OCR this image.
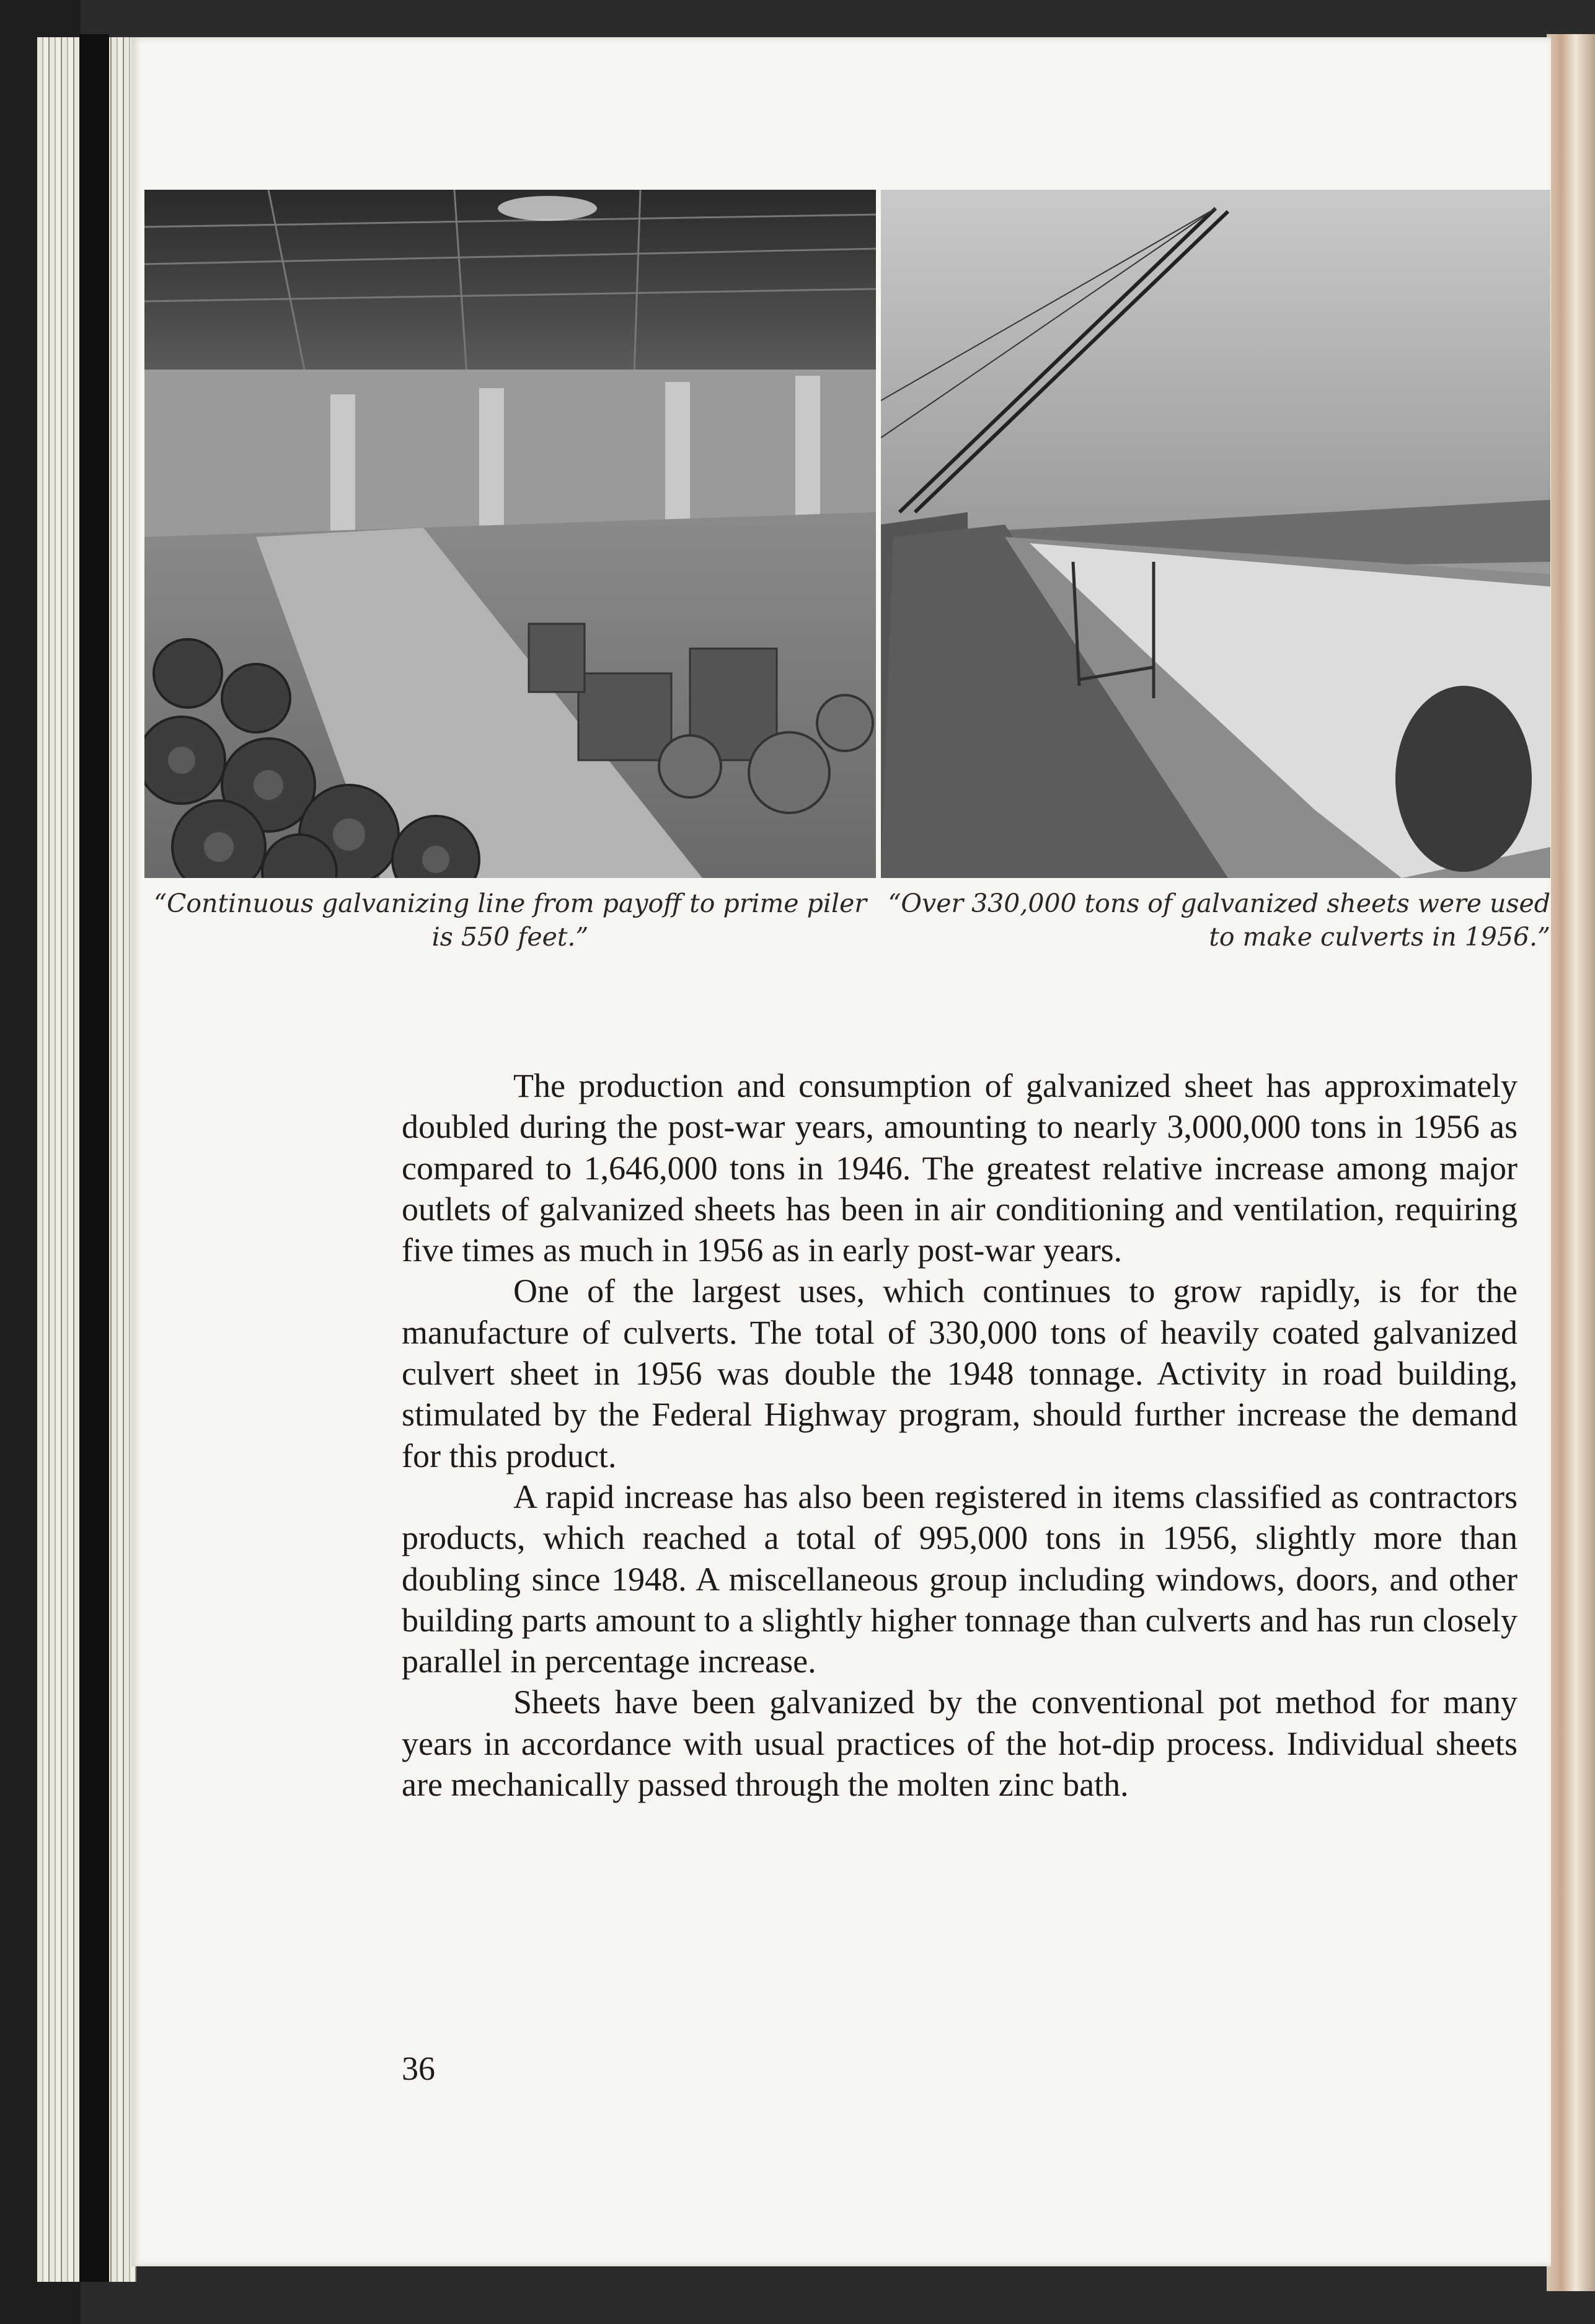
“Continuous galvanizing line from payoff to prime piler is 550 feet.”
“Over 330,000 tons of galvanized sheets were used to make culverts in 1956.”

The production and consumption of galvanized sheet has approximately doubled during the post-war years, amounting to nearly 3,000,000 tons in 1956 as compared to 1,646,000 tons in 1946. The greatest relative increase among major outlets of galvanized sheets has been in air conditioning and ventilation, requiring five times as much in 1956 as in early post-war years.

One of the largest uses, which continues to grow rapidly, is for the manufacture of culverts. The total of 330,000 tons of heavily coated galvanized culvert sheet in 1956 was double the 1948 tonnage. Activity in road building, stimulated by the Federal Highway program, should further increase the demand for this product.

A rapid increase has also been registered in items classified as contractors products, which reached a total of 995,000 tons in 1956, slightly more than doubling since 1948. A miscellaneous group including windows, doors, and other building parts amount to a slightly higher tonnage than culverts and has run closely parallel in percentage increase.

Sheets have been galvanized by the conventional pot method for many years in accordance with usual practices of the hot-dip process. Individual sheets are mechanically passed through the molten zinc bath.

36
